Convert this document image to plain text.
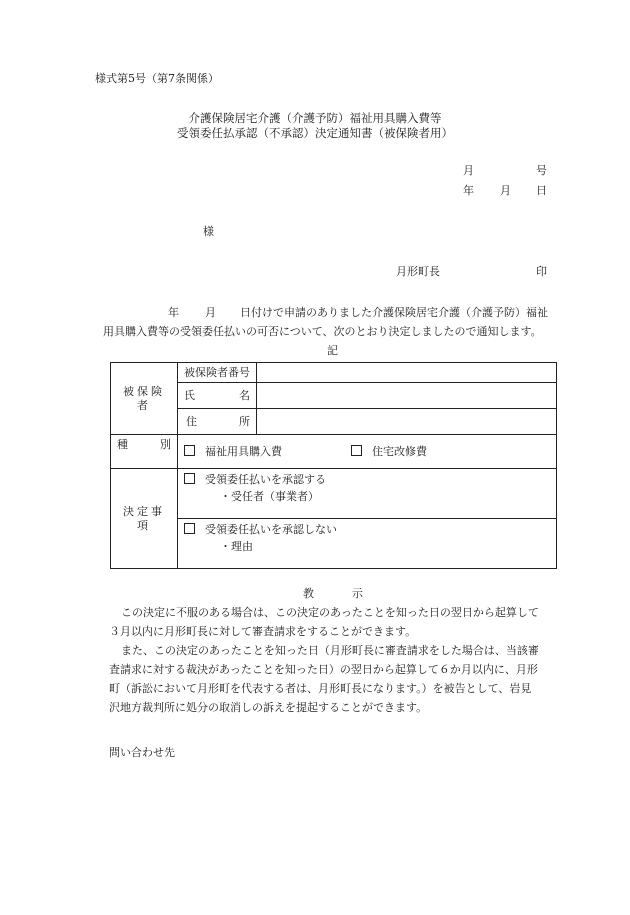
様式第5号（第7条関係）
介護保険居宅介護（介護予防）福祉用具購入費等
受領委任払承認（不承認）決定通知書（被保険者用）
月	号
年 月 日
様
月形町長	印
年 月 日付けで申請のありました介護保険居宅介護（介護予防）福祉
用具購入費等の受領委任払いの可否について、次のとおり決定しましたので通知します。
記
被保険者	被保険者番号	

	氏 名	

	住 所	

種 別	福祉用具購入費 住宅改修費	
決定事項	受領委任払いを承認する
・受任者（事業者）	

	受領委任払いを承認しない
・理由	
教	示
この決定に不服のある場合は、この決定のあったことを知った日の翌日から起算して
３月以内に月形町長に対して審査請求をすることができます。
また、この決定のあったことを知った日（月形町長に審査請求をした場合は、当該審
査請求に対する裁決があったことを知った日）の翌日から起算して６か月以内に、月形
町（訴訟において月形町を代表する者は、月形町長になります。）を被告として、岩見
沢地方裁判所に処分の取消しの訴えを提起することができます。
問い合わせ先
